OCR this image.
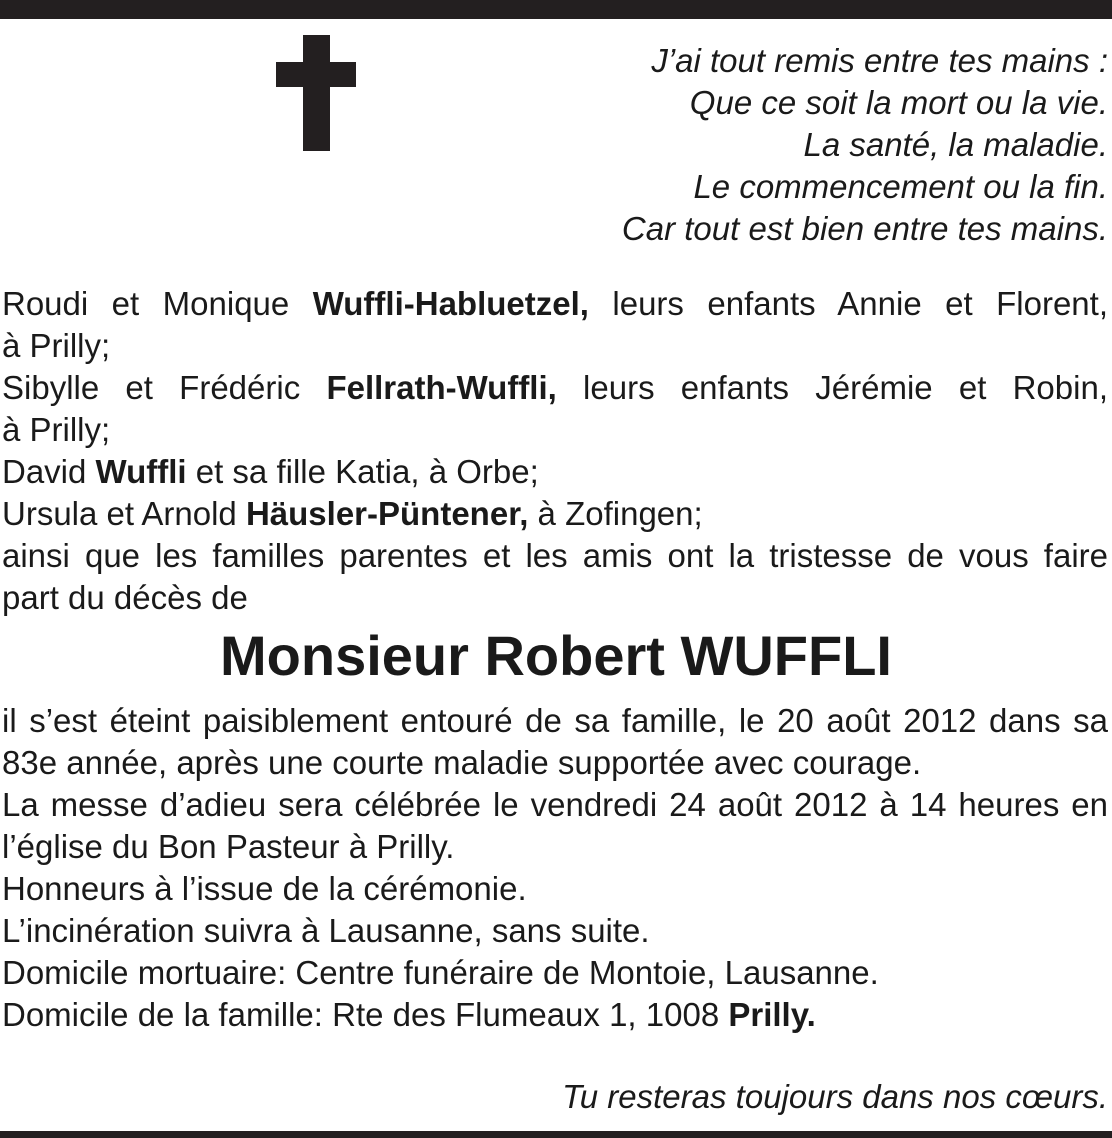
J’ai tout remis entre tes mains :
Que ce soit la mort ou la vie.
La santé, la maladie.
Le commencement ou la fin.
Car tout est bien entre tes mains.
Roudi et Monique Wuffli-Habluetzel, leurs enfants Annie et Florent,
à Prilly;
Sibylle et Frédéric Fellrath-Wuffli, leurs enfants Jérémie et Robin,
à Prilly;
David Wuffli et sa fille Katia, à Orbe;
Ursula et Arnold Häusler-Püntener, à Zofingen;
ainsi que les familles parentes et les amis ont la tristesse de vous faire
part du décès de
Monsieur Robert WUFFLI
il s’est éteint paisiblement entouré de sa famille, le 20 août 2012 dans sa
83e année, après une courte maladie supportée avec courage.
La messe d’adieu sera célébrée le vendredi 24 août 2012 à 14 heures en
l’église du Bon Pasteur à Prilly.
Honneurs à l’issue de la cérémonie.
L’incinération suivra à Lausanne, sans suite.
Domicile mortuaire: Centre funéraire de Montoie, Lausanne.
Domicile de la famille: Rte des Flumeaux 1, 1008 Prilly.
Tu resteras toujours dans nos cœurs.
